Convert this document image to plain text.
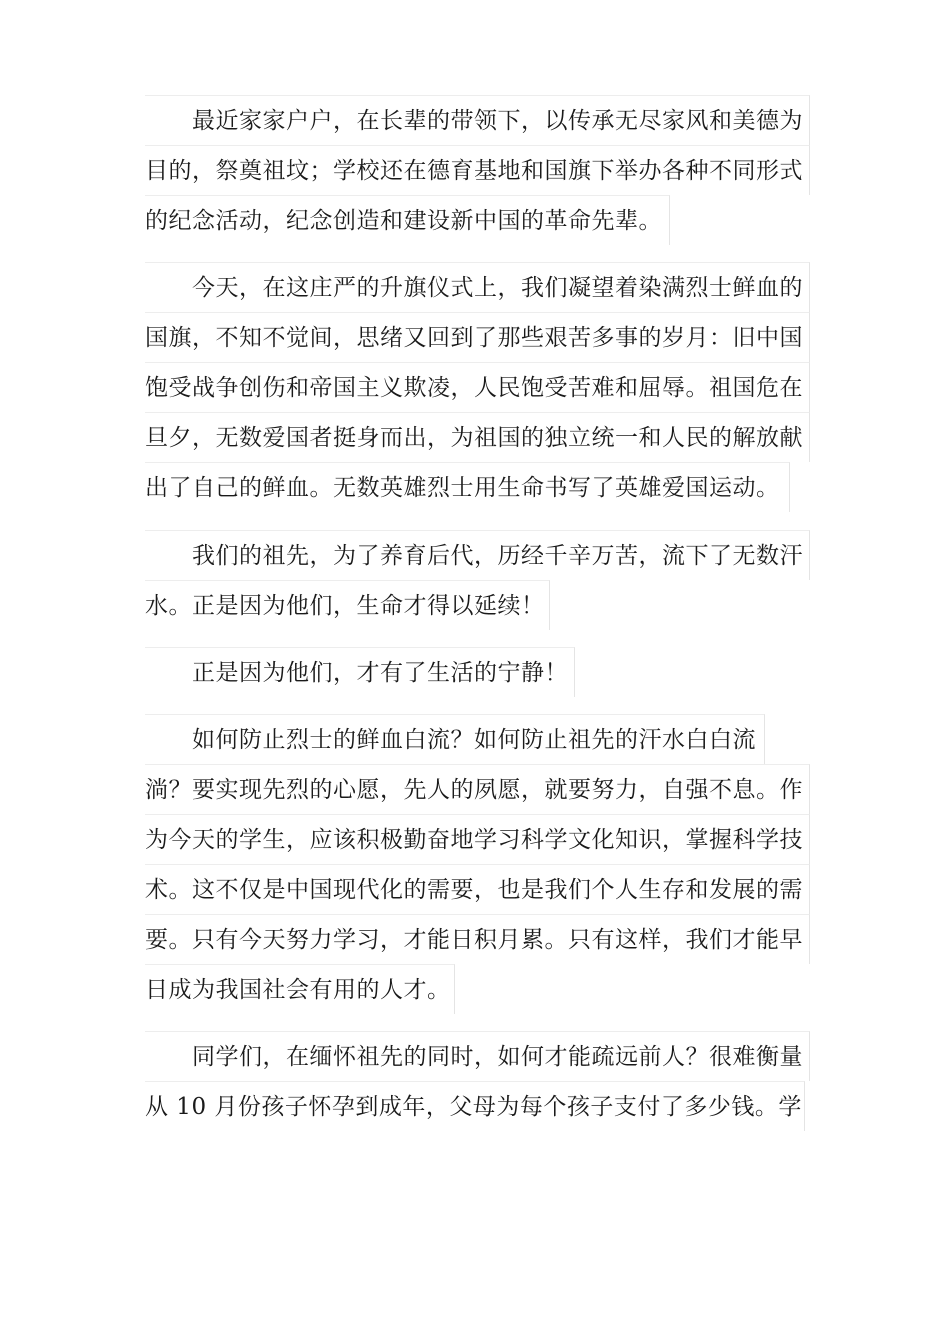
最近家家户户，在长辈的带领下，以传承无尽家风和美德为
目的，祭奠祖坟；学校还在德育基地和国旗下举办各种不同形式
的纪念活动，纪念创造和建设新中国的革命先辈。
今天，在这庄严的升旗仪式上，我们凝望着染满烈士鲜血的
国旗，不知不觉间，思绪又回到了那些艰苦多事的岁月：旧中国
饱受战争创伤和帝国主义欺凌，人民饱受苦难和屈辱。祖国危在
旦夕，无数爱国者挺身而出，为祖国的独立统一和人民的解放献
出了自己的鲜血。无数英雄烈士用生命书写了英雄爱国运动。
我们的祖先，为了养育后代，历经千辛万苦，流下了无数汗
水。正是因为他们，生命才得以延续！
正是因为他们，才有了生活的宁静！
如何防止烈士的鲜血白流？如何防止祖先的汗水白白流
淌？要实现先烈的心愿，先人的夙愿，就要努力，自强不息。作
为今天的学生，应该积极勤奋地学习科学文化知识，掌握科学技
术。这不仅是中国现代化的需要，也是我们个人生存和发展的需
要。只有今天努力学习，才能日积月累。只有这样，我们才能早
日成为我国社会有用的人才。
同学们，在缅怀祖先的同时，如何才能疏远前人？很难衡量
从 10 月份孩子怀孕到成年，父母为每个孩子支付了多少钱。学
